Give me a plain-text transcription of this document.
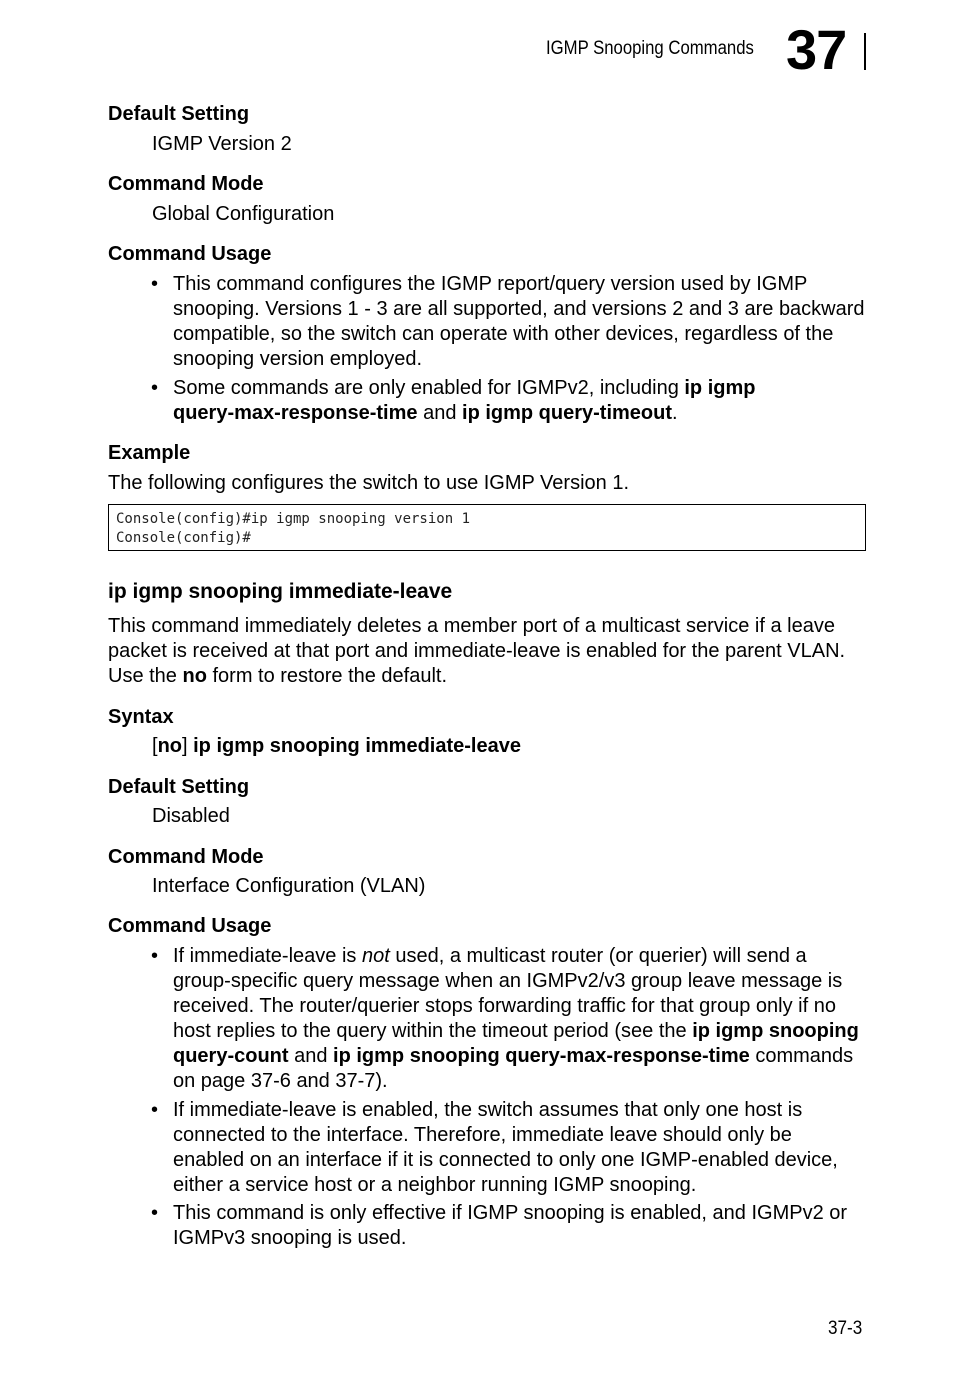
IGMP Snooping Commands 37
Default Setting
IGMP Version 2
Command Mode
Global Configuration
Command Usage
• This command configures the IGMP report/query version used by IGMP
snooping. Versions 1 - 3 are all supported, and versions 2 and 3 are backward
compatible, so the switch can operate with other devices, regardless of the
snooping version employed.
• Some commands are only enabled for IGMPv2, including ip igmp
query-max-response-time and ip igmp query-timeout.
Example
The following configures the switch to use IGMP Version 1.
Console(config)#ip igmp snooping version 1
Console(config)#
ip igmp snooping immediate-leave
This command immediately deletes a member port of a multicast service if a leave
packet is received at that port and immediate-leave is enabled for the parent VLAN.
Use the no form to restore the default.
Syntax
[no] ip igmp snooping immediate-leave
Default Setting
Disabled
Command Mode
Interface Configuration (VLAN)
Command Usage
• If immediate-leave is not used, a multicast router (or querier) will send a
group-specific query message when an IGMPv2/v3 group leave message is
received. The router/querier stops forwarding traffic for that group only if no
host replies to the query within the timeout period (see the ip igmp snooping
query-count and ip igmp snooping query-max-response-time commands
on page 37-6 and 37-7).
• If immediate-leave is enabled, the switch assumes that only one host is
connected to the interface. Therefore, immediate leave should only be
enabled on an interface if it is connected to only one IGMP-enabled device,
either a service host or a neighbor running IGMP snooping.
• This command is only effective if IGMP snooping is enabled, and IGMPv2 or
IGMPv3 snooping is used.
37-3
